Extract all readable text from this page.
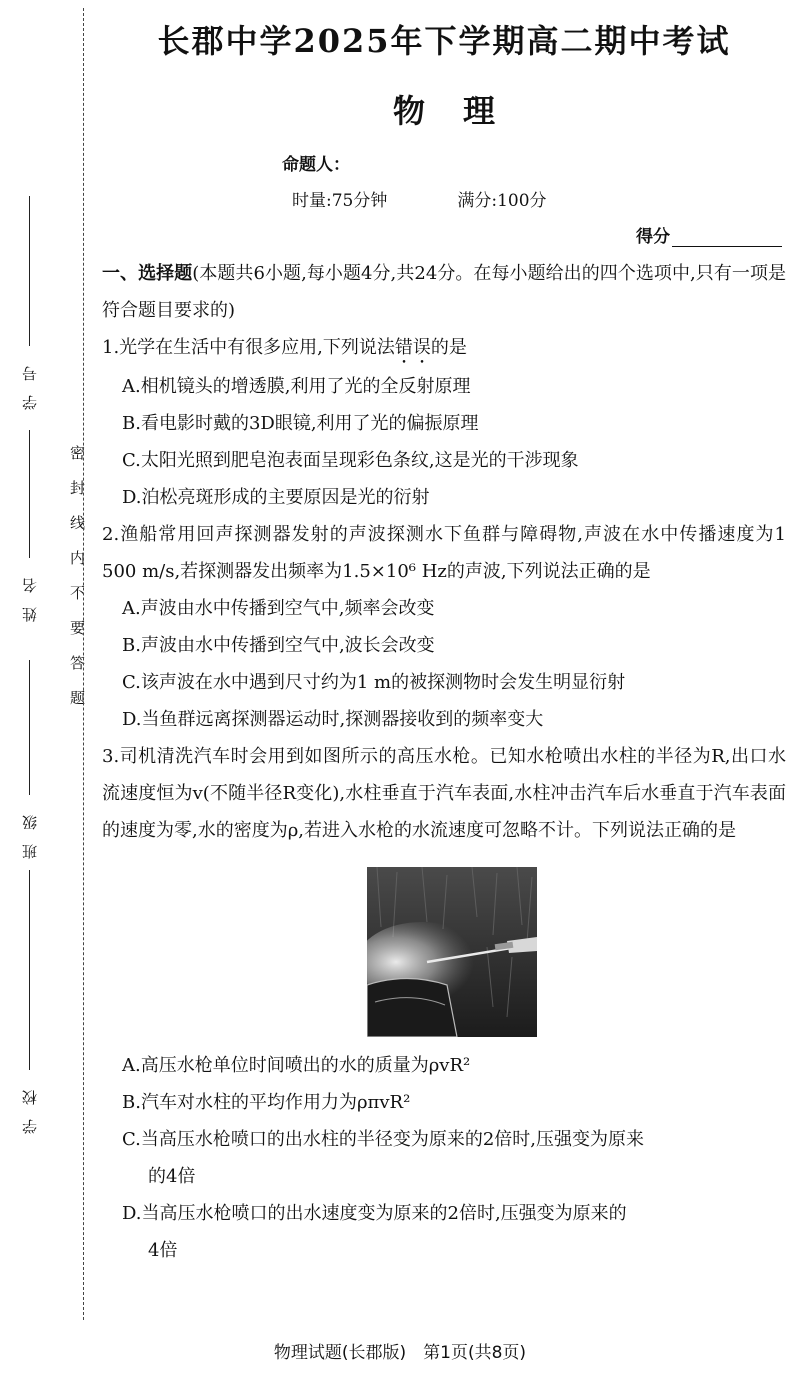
学号
姓名
班级
学校
密封线内不要答题
长郡中学2025年下学期高二期中考试
物理
命题人：
时量:75分钟	满分:100分
得分

一、选择题(本题共6小题,每小题4分,共24分。在每小题给出的四个选项中,只有一项是符合题目要求的)

1.光学在生活中有很多应用,下列说法错误的是

A.相机镜头的增透膜,利用了光的全反射原理

B.看电影时戴的3D眼镜,利用了光的偏振原理

C.太阳光照到肥皂泡表面呈现彩色条纹,这是光的干涉现象

D.泊松亮斑形成的主要原因是光的衍射

2.渔船常用回声探测器发射的声波探测水下鱼群与障碍物,声波在水中传播速度为1 500 m/s,若探测器发出频率为1.5×10⁶ Hz的声波,下列说法正确的是

A.声波由水中传播到空气中,频率会改变

B.声波由水中传播到空气中,波长会改变

C.该声波在水中遇到尺寸约为1 m的被探测物时会发生明显衍射

D.当鱼群远离探测器运动时,探测器接收到的频率变大

3.司机清洗汽车时会用到如图所示的高压水枪。已知水枪喷出水柱的半径为R,出口水流速度恒为v(不随半径R变化),水柱垂直于汽车表面,水柱冲击汽车后水垂直于汽车表面的速度为零,水的密度为ρ,若进入水枪的水流速度可忽略不计。下列说法正确的是

A.高压水枪单位时间喷出的水的质量为ρvR²

B.汽车对水柱的平均作用力为ρπvR²

C.当高压水枪喷口的出水柱的半径变为原来的2倍时,压强变为原来

的4倍

D.当高压水枪喷口的出水速度变为原来的2倍时,压强变为原来的

4倍

物理试题(长郡版)　第1页(共8页)
